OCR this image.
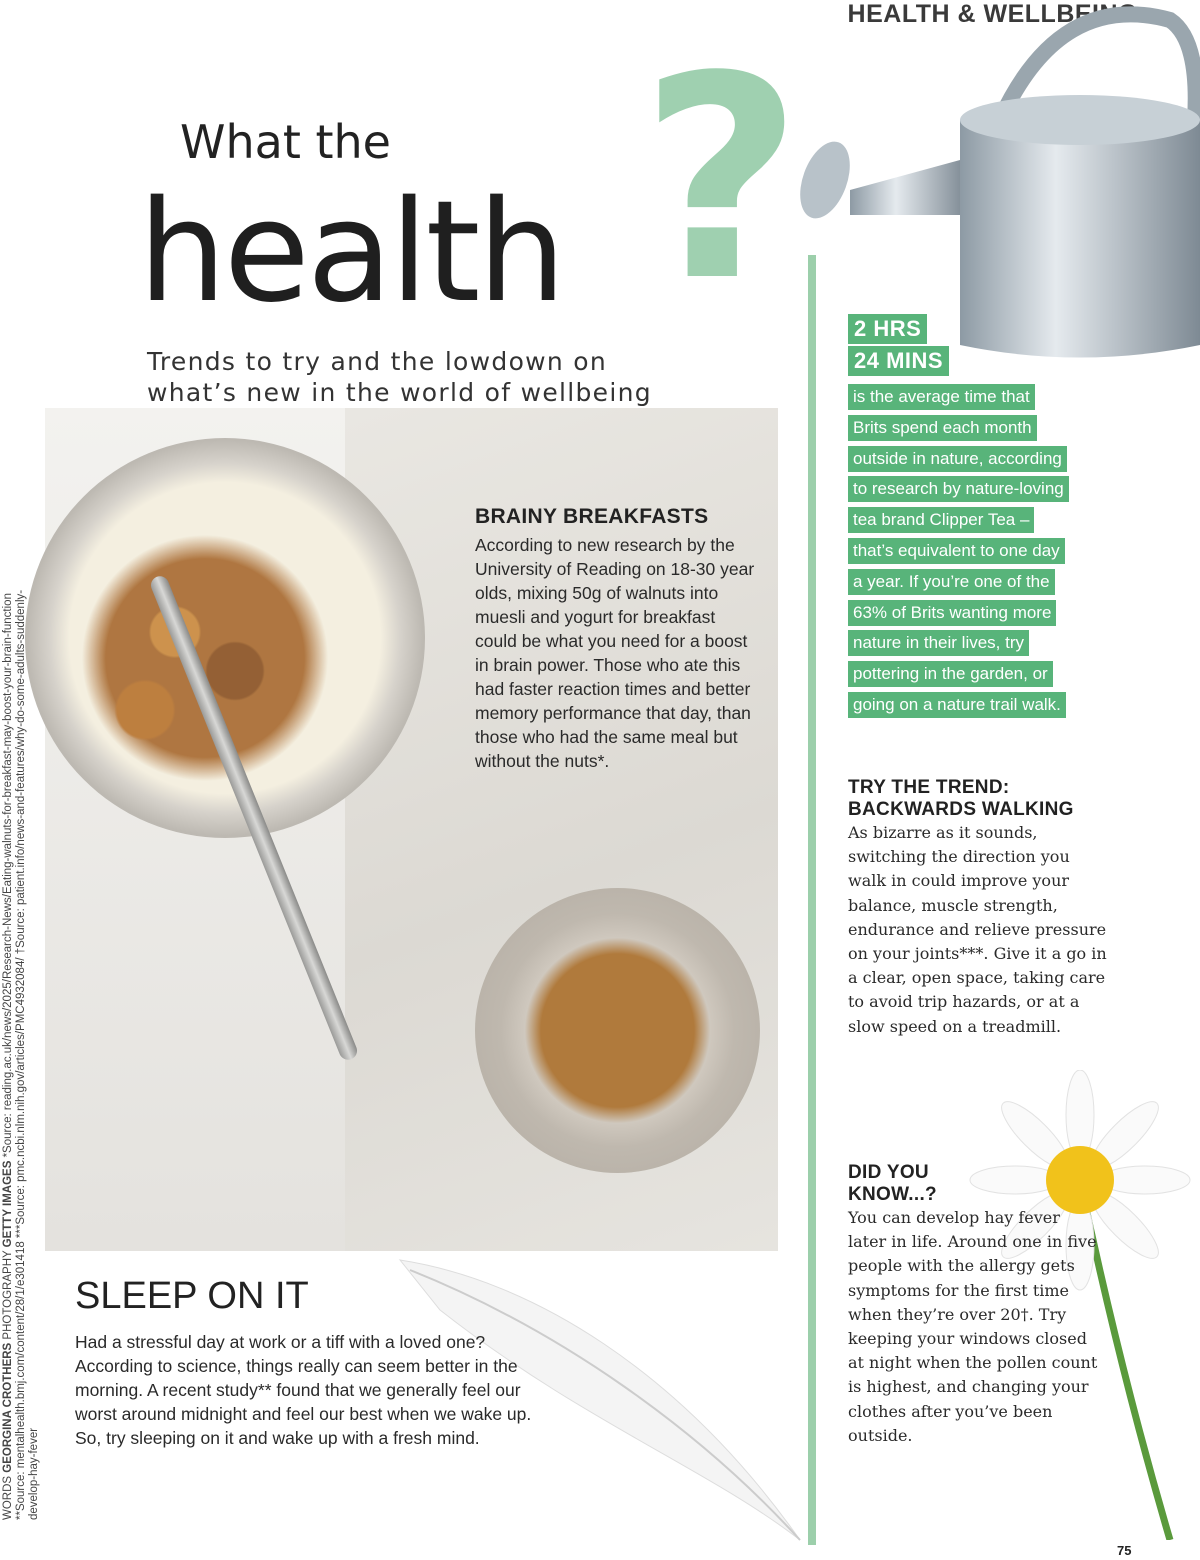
HEALTH & WELLBEING
?
What the
health
Trends to try and the lowdown on
what’s new in the world of wellbeing
BRAINY BREAKFASTS

According to new research by the University of Reading on 18-30 year olds, mixing 50g of walnuts into muesli and yogurt for breakfast could be what you need for a boost in brain power. Those who ate this had faster reaction times and better memory performance that day, than those who had the same meal but without the nuts*.

SLEEP ON IT

Had a stressful day at work or a tiff with a loved one? According to science, things really can seem better in the morning. A recent study** found that we generally feel our worst around midnight and feel our best when we wake up. So, try sleeping on it and wake up with a fresh mind.

2 HRS
24 MINS
is the average time that
Brits spend each month
outside in nature, according
to research by nature-loving
tea brand Clipper Tea –
that’s equivalent to one day
a year. If you’re one of the
63% of Brits wanting more
nature in their lives, try
pottering in the garden, or
going on a nature trail walk.
TRY THE TREND:
BACKWARDS WALKING

As bizarre as it sounds, switching the direction you walk in could improve your balance, muscle strength, endurance and relieve pressure on your joints***. Give it a go in a clear, open space, taking care to avoid trip hazards, or at a slow speed on a treadmill.

DID YOU
KNOW...?

You can develop hay fever later in life. Around one in five people with the allergy gets symptoms for the first time when they’re over 20†. Try keeping your windows closed at night when the pollen count is highest, and changing your clothes after you’ve been outside.

WORDS GEORGINA CROTHERS PHOTOGRAPHY GETTY IMAGES *Source: reading.ac.uk/news/2025/Research-News/Eating-walnuts-for-breakfast-may-boost-your-brain-function **Source: mentalhealth.bmj.com/content/28/1/e301418 ***Source: pmc.ncbi.nlm.nih.gov/articles/PMC4932084/ †Source: patient.info/news-and-features/why-do-some-adults-suddenly-develop-hay-fever
75
